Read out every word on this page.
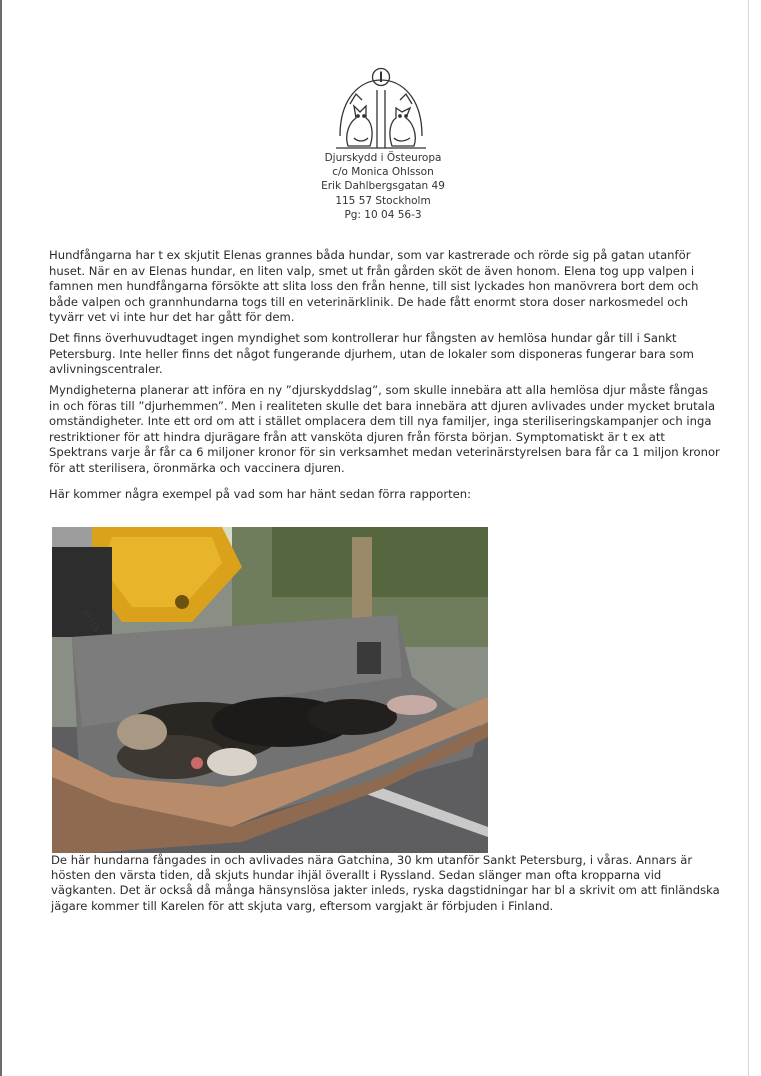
Djurskydd i Östeuropa
c/o Monica Ohlsson
Erik Dahlbergsgatan 49
115 57 Stockholm
Pg: 10 04 56-3
Hundfångarna har t ex skjutit Elenas grannes båda hundar, som var kastrerade och rörde sig på gatan utanför huset. När en av Elenas hundar, en liten valp, smet ut från gården sköt de även honom. Elena tog upp valpen i famnen men hundfångarna försökte att slita loss den från henne, till sist lyckades hon manövrera bort dem och både valpen och grannhundarna togs till en veterinärklinik. De hade fått enormt stora doser narkosmedel och tyvärr vet vi inte hur det har gått för dem.
Det finns överhuvudtaget ingen myndighet som kontrollerar hur fångsten av hemlösa hundar går till i Sankt Petersburg. Inte heller finns det något fungerande djurhem, utan de lokaler som disponeras fungerar bara som avlivningscentraler.
Myndigheterna planerar att införa en ny ”djurskyddslag”, som skulle innebära att alla hemlösa djur måste fångas in och föras till ”djurhemmen”. Men i realiteten skulle det bara innebära att djuren avlivades under mycket brutala omständigheter. Inte ett ord om att i stället omplacera dem till nya familjer, inga steriliseringskampanjer och inga restriktioner för att hindra djurägare från att vansköta djuren från första början. Symptomatiskt är t ex att Spektrans varje år får ca 6 miljoner kronor för sin verksamhet medan veterinärstyrelsen bara får ca 1 miljon kronor för att sterilisera, öronmärka och vaccinera djuren.
Här kommer några exempel på vad som har hänt sedan förra rapporten:
De här hundarna fångades in och avlivades nära Gatchina, 30 km utanför Sankt Petersburg, i våras. Annars är hösten den värsta tiden, då skjuts hundar ihjäl överallt i Ryssland. Sedan slänger man ofta kropparna vid vägkanten. Det är också då många hänsynslösa jakter inleds, ryska dagstidningar har bl a skrivit om att finländska jägare kommer till Karelen för att skjuta varg, eftersom vargjakt är förbjuden i Finland.
